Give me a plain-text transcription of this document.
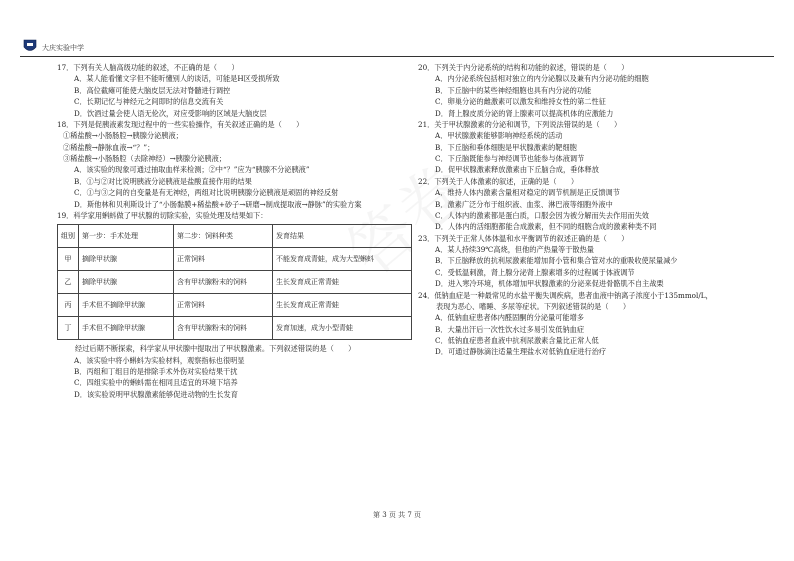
大庆实验中学

17．下列有关人脑高级功能的叙述，不正确的是（　　）

A．某人能看懂文字但不能听懂别人的谈话，可能是H区受损所致

B．高位截瘫可能使大脑皮层无法对脊髓进行调控

C．长期记忆与神经元之间即时的信息交流有关

D．饮酒过量会使人语无伦次，对应受影响的区域是大脑皮层

18．下列是促胰液素发现过程中的一些实验操作，有关叙述正确的是（　　）

①稀盐酸→小肠肠腔→胰腺分泌胰液；

②稀盐酸→静脉血液→“？”；

③稀盐酸→小肠肠腔（去除神经）→胰腺分泌胰液；

A．该实验的现象可通过抽取血样来检测；②中“？”应为“胰腺不分泌胰液”

B．①与②对比说明胰液分泌胰液是盐酸直接作用的结果

C．①与③之间的自变量是有无神经，两组对比说明胰腺分泌胰液是顽固的神经反射

D．斯他林和贝利斯设计了“小肠黏膜+稀盐酸+砂子→研磨→制成提取液→静脉”的实验方案

19．科学家用蝌蚪做了甲状腺的切除实验，实验处理及结果如下：

组别	第一步：手术处理	第二步：饲料种类	发育结果
甲	摘除甲状腺	正常饲料	不能发育成青蛙，成为大型蝌蚪
乙	摘除甲状腺	含有甲状腺粉末的饲料	生长发育成正常青蛙
丙	手术但不摘除甲状腺	正常饲料	生长发育成正常青蛙
丁	手术但不摘除甲状腺	含有甲状腺粉末的饲料	发育加速，成为小型青蛙

经过后期不断探索，科学家从甲状腺中提取出了甲状腺激素。下列叙述错误的是（　　）

A．该实验中将小蝌蚪为实验材料，观察指标也很明显

B．丙组和丁组目的是排除手术外伤对实验结果干扰

C．四组实验中的蝌蚪需在相同且适宜的环境下培养

D．该实验说明甲状腺激素能够促进动物的生长发育

20．下列关于内分泌系统的结构和功能的叙述，错误的是（　　）

A．内分泌系统包括相对独立的内分泌腺以及兼有内分泌功能的细胞

B．下丘脑中的某些神经细胞也具有内分泌的功能

C．卵巢分泌的雌激素可以激发和维持女性的第二性征

D．肾上腺皮质分泌的肾上腺素可以提高机体的应激能力

21．关于甲状腺激素的分泌和调节，下列说法错误的是（　　）

A．甲状腺激素能够影响神经系统的活动

B．下丘脑和垂体细胞是甲状腺激素的靶细胞

C．下丘脑既能参与神经调节也能参与体液调节

D．促甲状腺激素释放激素由下丘脑合成，垂体释放

22．下列关于人体激素的叙述，正确的是（　　）

A．维持人体内激素含量相对稳定的调节机制是正反馈调节

B．激素广泛分布于组织液、血浆、淋巴液等细胞外液中

C．人体内的激素都是蛋白质，口服会因为被分解而失去作用而失效

D．人体内的活细胞都能合成激素，但不同的细胞合成的激素种类不同

23．下列关于正常人体体温和水平衡调节的叙述正确的是（　　）

A．某人持续39℃高烧，但他的产热量等于散热量

B．下丘脑释放的抗利尿激素能增加肾小管和集合管对水的重吸收使尿量减少

C．受低温刺激，肾上腺分泌肾上腺素增多的过程属于体液调节

D．进入寒冷环境，机体增加甲状腺激素的分泌来促进骨骼肌不自主战栗

24．低钠血症是一种最常见的水盐平衡失调疾病，患者血液中钠离子浓度小于135mmol/L，

表现为恶心、嗜睡、多尿等症状。下列叙述错误的是（　　）

A．低钠血症患者体内醛固酮的分泌量可能增多

B．大量出汗后一次性饮水过多易引发低钠血症

C．低钠血症患者血液中抗利尿激素含量比正常人低

D．可通过静脉滴注适量生理盐水对低钠血症进行治疗

第 3 页 共 7 页
